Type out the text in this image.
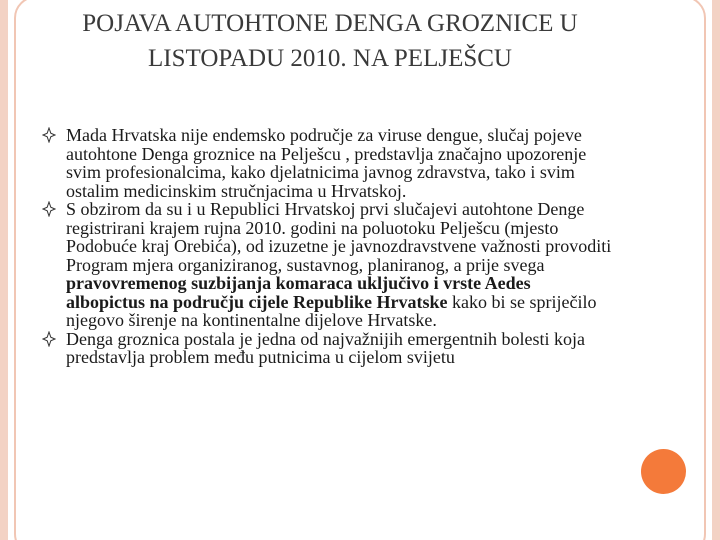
POJAVA AUTOHTONE DENGA GROZNICE U LISTOPADU 2010. NA PELJEŠCU
Mada Hrvatska nije endemsko područje za viruse dengue, slučaj pojeve autohtone Denga groznice na Pelješcu , predstavlja značajno upozorenje svim profesionalcima, kako djelatnicima javnog zdravstva, tako i svim ostalim medicinskim stručnjacima u Hrvatskoj.
S obzirom da su i u Republici Hrvatskoj prvi slučajevi autohtone Denge registrirani krajem rujna 2010. godini na poluotoku Pelješcu (mjesto Podobuće kraj Orebića), od izuzetne je javnozdravstvene važnosti provoditi Program mjera organiziranog, sustavnog, planiranog, a prije svega pravovremenog suzbijanja komaraca uključivo i vrste Aedes albopictus na području cijele Republike Hrvatske kako bi se spriječilo njegovo širenje na kontinentalne dijelove Hrvatske.
Denga groznica postala je jedna od najvažnijih emergentnih bolesti koja predstavlja problem među putnicima u cijelom svijetu
